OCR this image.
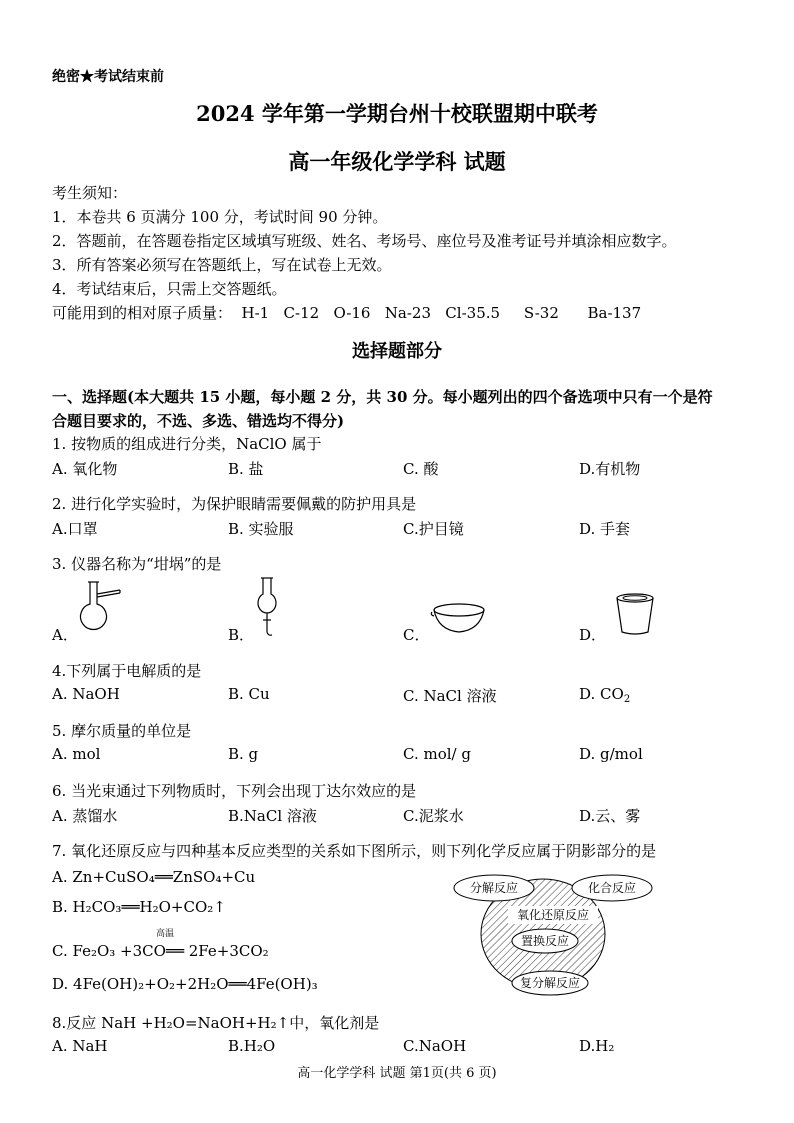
绝密★考试结束前
2024 学年第一学期台州十校联盟期中联考
高一年级化学学科 试题
考生须知：
1．本卷共 6 页满分 100 分，考试时间 90 分钟。
2．答题前，在答题卷指定区域填写班级、姓名、考场号、座位号及准考证号并填涂相应数字。
3．所有答案必须写在答题纸上，写在试卷上无效。
4．考试结束后，只需上交答题纸。
可能用到的相对原子质量：  H-1   C-12   O-16   Na-23   Cl-35.5     S-32      Ba-137
选择题部分
一、选择题(本大题共 15 小题，每小题 2 分，共 30 分。每小题列出的四个备选项中只有一个是符
合题目要求的，不选、多选、错选均不得分)
1. 按物质的组成进行分类，NaClO 属于
A. 氧化物	B. 盐	C. 酸	D.有机物
2. 进行化学实验时，为保护眼睛需要佩戴的防护用具是
A.口罩	B. 实验服	C.护目镜	D. 手套
3. 仪器名称为“坩埚”的是
A．	B．	C．	D．
4.下列属于电解质的是
A. NaOH	B. Cu	C. NaCl 溶液	D. $CO_2$
5. 摩尔质量的单位是
A. mol	B. g	C. mol/ g	D. g/mol
6. 当光束通过下列物质时，下列会出现丁达尔效应的是
A. 蒸馏水	B.NaCl 溶液	C.泥浆水	D.云、雾
7. 氧化还原反应与四种基本反应类型的关系如下图所示，则下列化学反应属于阴影部分的是
A. Zn+CuSO₄══ZnSO₄+Cu
B. H₂CO₃══H₂O+CO₂↑
高温
C. Fe₂O₃ +3CO══ 2Fe+3CO₂
D. 4Fe(OH)₂+O₂+2H₂O══4Fe(OH)₃
分解反应	化合反应
氧化还原反应
置换反应
复分解反应
8.反应 NaH +H₂O=NaOH+H₂↑中，氧化剂是
A. NaH	B.H₂O	C.NaOH	D.H₂
高一化学学科 试题 第1页(共 6 页)
